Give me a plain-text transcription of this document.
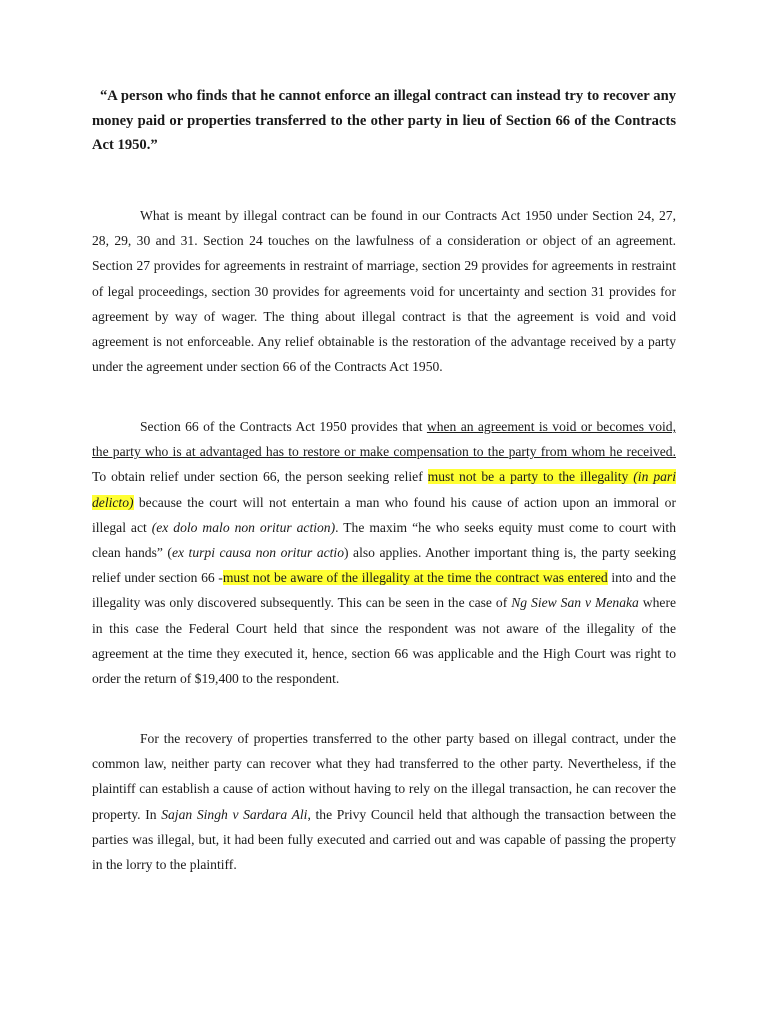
“A person who finds that he cannot enforce an illegal contract can instead try to recover any money paid or properties transferred to the other party in lieu of Section 66 of the Contracts Act 1950.”

What is meant by illegal contract can be found in our Contracts Act 1950 under Section 24, 27, 28, 29, 30 and 31. Section 24 touches on the lawfulness of a consideration or object of an agreement. Section 27 provides for agreements in restraint of marriage, section 29 provides for agreements in restraint of legal proceedings, section 30 provides for agreements void for uncertainty and section 31 provides for agreement by way of wager. The thing about illegal contract is that the agreement is void and void agreement is not enforceable. Any relief obtainable is the restoration of the advantage received by a party under the agreement under section 66 of the Contracts Act 1950.

Section 66 of the Contracts Act 1950 provides that when an agreement is void or becomes void, the party who is at advantaged has to restore or make compensation to the party from whom he received. To obtain relief under section 66, the person seeking relief must not be a party to the illegality (in pari delicto) because the court will not entertain a man who found his cause of action upon an immoral or illegal act (ex dolo malo non oritur action). The maxim “he who seeks equity must come to court with clean hands” (ex turpi causa non oritur actio) also applies. Another important thing is, the party seeking relief under section 66 -must not be aware of the illegality at the time the contract was entered into and the illegality was only discovered subsequently. This can be seen in the case of Ng Siew San v Menaka where in this case the Federal Court held that since the respondent was not aware of the illegality of the agreement at the time they executed it, hence, section 66 was applicable and the High Court was right to order the return of $19,400 to the respondent.

For the recovery of properties transferred to the other party based on illegal contract, under the common law, neither party can recover what they had transferred to the other party. Nevertheless, if the plaintiff can establish a cause of action without having to rely on the illegal transaction, he can recover the property. In Sajan Singh v Sardara Ali, the Privy Council held that although the transaction between the parties was illegal, but, it had been fully executed and carried out and was capable of passing the property in the lorry to the plaintiff.
